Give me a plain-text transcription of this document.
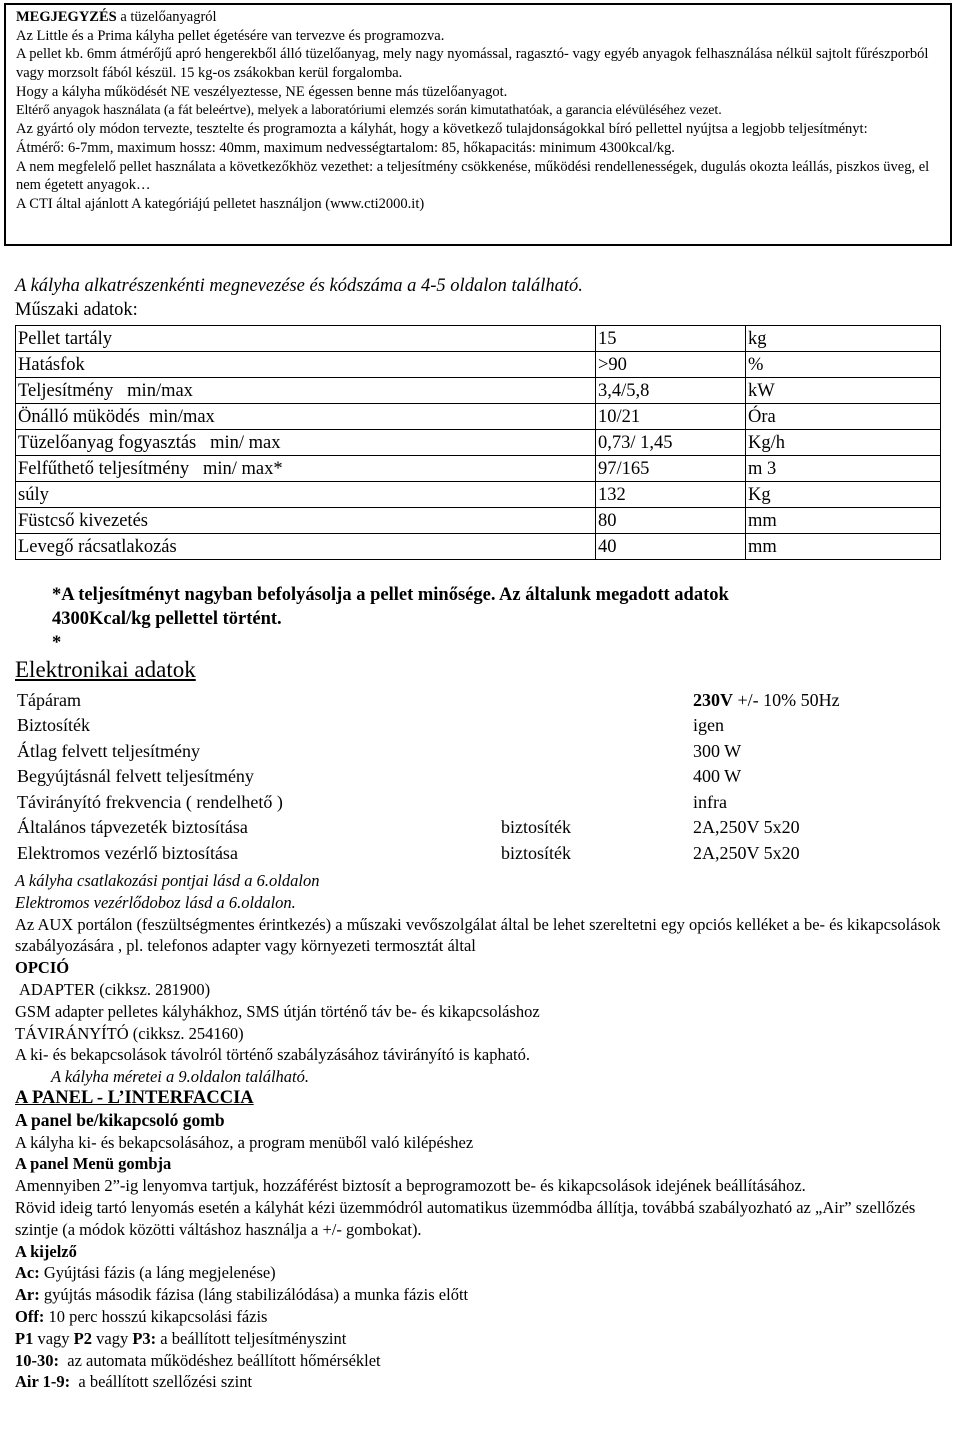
MEGJEGYZÉS a tüzelőanyagról

Az Little és a Prima kályha pellet égetésére van tervezve és programozva.

A pellet kb. 6mm átmérőjű apró hengerekből álló tüzelőanyag, mely nagy nyomással, ragasztó- vagy egyéb anyagok felhasználása nélkül sajtolt fűrészporból vagy morzsolt fából készül. 15 kg-os zsákokban kerül forgalomba.

Hogy a kályha működését NE veszélyeztesse, NE égessen benne más tüzelőanyagot.

Eltérő anyagok használata (a fát beleértve), melyek a laboratóriumi elemzés során kimutathatóak, a garancia elévüléséhez vezet.

Az gyártó oly módon tervezte, tesztelte és programozta a kályhát, hogy a következő tulajdonságokkal bíró pellettel nyújtsa a legjobb teljesítményt:

Átmérő: 6-7mm, maximum hossz: 40mm, maximum nedvességtartalom: 85, hőkapacitás: minimum 4300kcal/kg.

A nem megfelelő pellet használata a következőkhöz vezethet: a teljesítmény csökkenése, működési rendellenességek, dugulás okozta leállás, piszkos üveg, el nem égetett anyagok…

A CTI által ajánlott A kategóriájú pelletet használjon (www.cti2000.it)

A kályha alkatrészenkénti megnevezése és kódszáma a 4-5 oldalon található.
Műszaki adatok:
Pellet tartály	15	kg
Hatásfok	>90	%
Teljesítmény   min/max	3,4/5,8	kW
Önálló müködés  min/max	10/21	Óra
Tüzelőanyag fogyasztás   min/ max	0,73/ 1,45	Kg/h
Felfűthető teljesítmény   min/ max*	97/165	m 3
súly	132	Kg
Füstcső kivezetés	80	mm
Levegő rácsatlakozás	40	mm
*A teljesítményt nagyban befolyásolja a pellet minősége. Az általunk megadott adatok
4300Kcal/kg pellettel történt.
*
Elektronikai adatok
Tápáram		230V +/- 10% 50Hz
Biztosíték		igen
Átlag felvett teljesítmény		300 W
Begyújtásnál felvett teljesítmény		400 W
Távirányító frekvencia ( rendelhető )		infra
Általános tápvezeték biztosítása	biztosíték	2A,250V 5x20
Elektromos vezérlő biztosítása	biztosíték	2A,250V 5x20

A kályha csatlakozási pontjai lásd a 6.oldalon

Elektromos vezérlődoboz lásd a 6.oldalon.

Az AUX portálon (feszültségmentes érintkezés) a műszaki vevőszolgálat által be lehet szereltetni egy opciós kelléket a be- és kikapcsolások szabályozására , pl. telefonos adapter vagy környezeti termosztát által

OPCIÓ

ADAPTER (cikksz. 281900)

GSM adapter pelletes kályhákhoz, SMS útján történő táv be- és kikapcsoláshoz

TÁVIRÁNYÍTÓ (cikksz. 254160)

A ki- és bekapcsolások távolról történő szabályzásához távirányító is kapható.

A kályha méretei a 9.oldalon található.

A PANEL - L’INTERFACCIA

A panel be/kikapcsoló gomb

A kályha ki- és bekapcsolásához, a program menüből való kilépéshez

A panel Menü gombja

Amennyiben 2”-ig lenyomva tartjuk, hozzáférést biztosít a beprogramozott be- és kikapcsolások idejének beállításához.

Rövid ideig tartó lenyomás esetén a kályhát kézi üzemmódról automatikus üzemmódba állítja, továbbá szabályozható az „Air” szellőzés szintje (a módok közötti váltáshoz használja a +/- gombokat).

A kijelző

Ac: Gyújtási fázis (a láng megjelenése)

Ar: gyújtás második fázisa (láng stabilizálódása) a munka fázis előtt

Off: 10 perc hosszú kikapcsolási fázis

P1 vagy P2 vagy P3: a beállított teljesítményszint

10-30:  az automata működéshez beállított hőmérséklet

Air 1-9:  a beállított szellőzési szint
